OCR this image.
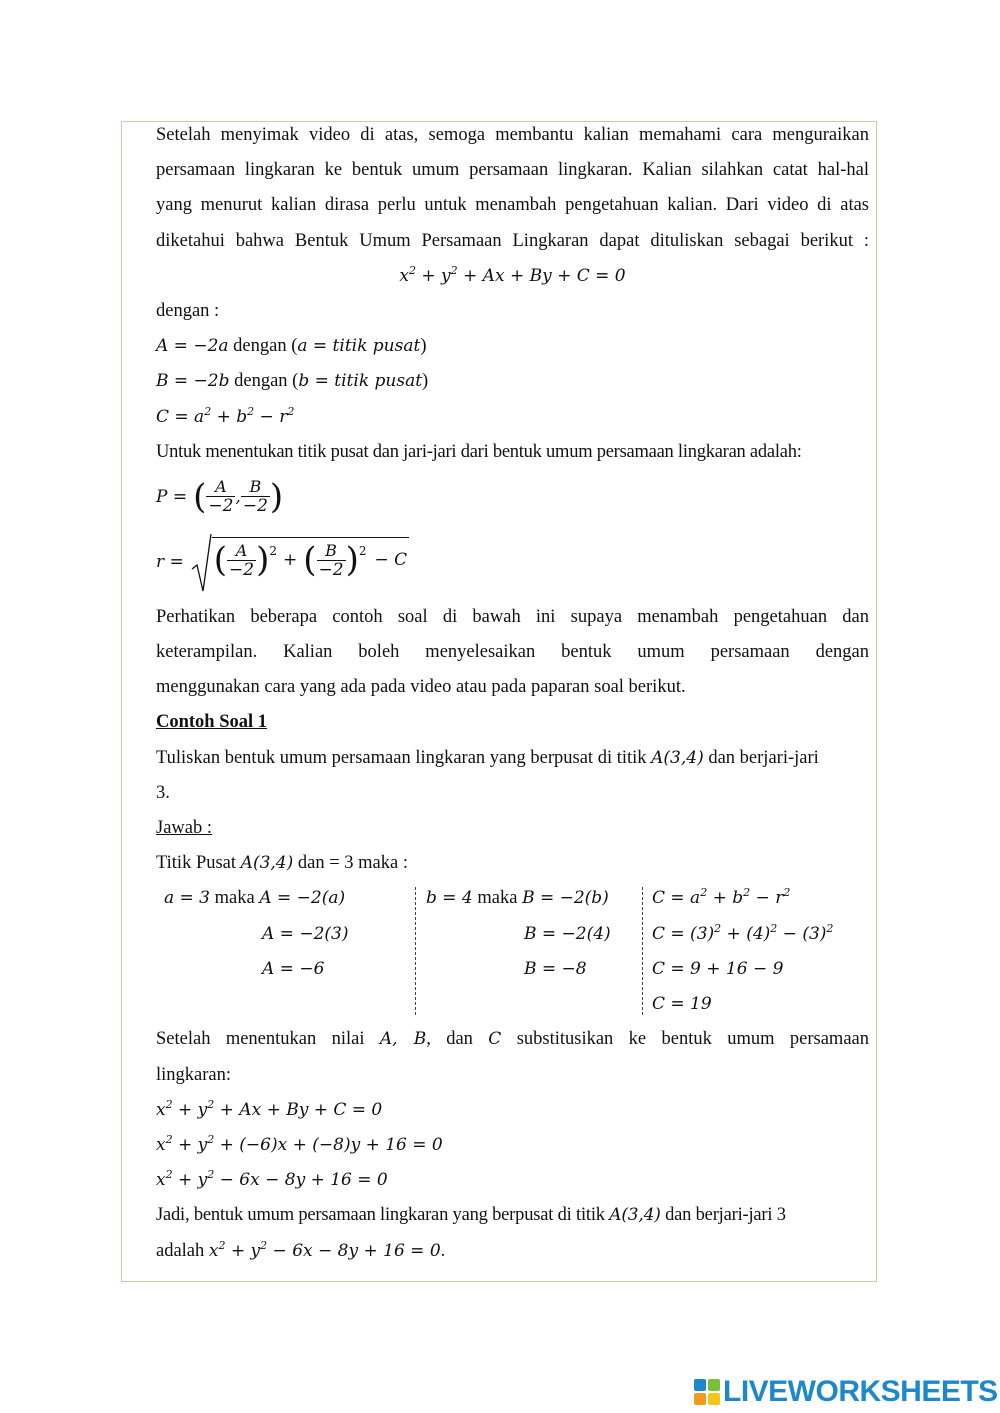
Setelah menyimak video di atas, semoga membantu kalian memahami cara menguraikan
persamaan lingkaran ke bentuk umum persamaan lingkaran. Kalian silahkan catat hal-hal
yang menurut kalian dirasa perlu untuk menambah pengetahuan kalian. Dari video di atas
diketahui bahwa Bentuk Umum Persamaan Lingkaran dapat dituliskan sebagai berikut :
$x^2 + y^2 + Ax + By + C = 0$
dengan :
A = −2a dengan (a = titik pusat)
B = −2b dengan (b = titik pusat)
$C = a^2 + b^2 - r^2$
Untuk menentukan titik pusat dan jari-jari dari bentuk umum persamaan lingkaran adalah:
P = ( $\frac{A}{-2}$ , $\frac{B}{-2}$ )
r = ( $\frac{A}{-2}$ ) 2 + ( $\frac{B}{-2}$ ) 2 − C
Perhatikan beberapa contoh soal di bawah ini supaya menambah pengetahuan dan
keterampilan. Kalian boleh menyelesaikan bentuk umum persamaan dengan
menggunakan cara yang ada pada video atau pada paparan soal berikut.
Contoh Soal 1
Tuliskan bentuk umum persamaan lingkaran yang berpusat di titik A(3,4) dan berjari-jari
3.
Jawab :
Titik Pusat A(3,4) dan = 3 maka :
a = 3 maka A = −2(a)
A = −2(3)
A = −6
b = 4 maka B = −2(b)
B = −2(4)
B = −8
$C = a^2 + b^2 - r^2$
$C = (3)^2 + (4)^2 - (3)^2$
C = 9 + 16 − 9
C = 19
Setelah menentukan nilai A, B, dan C substitusikan ke bentuk umum persamaan
lingkaran:
$x^2 + y^2 + Ax + By + C = 0$
$x^2 + y^2 + (-6)x + (-8)y + 16 = 0$
$x^2 + y^2 - 6x - 8y + 16 = 0$
Jadi, bentuk umum persamaan lingkaran yang berpusat di titik A(3,4) dan berjari-jari 3
adalah $x^2 + y^2 - 6x - 8y + 16 = 0$.
LIVEWORKSHEETS
